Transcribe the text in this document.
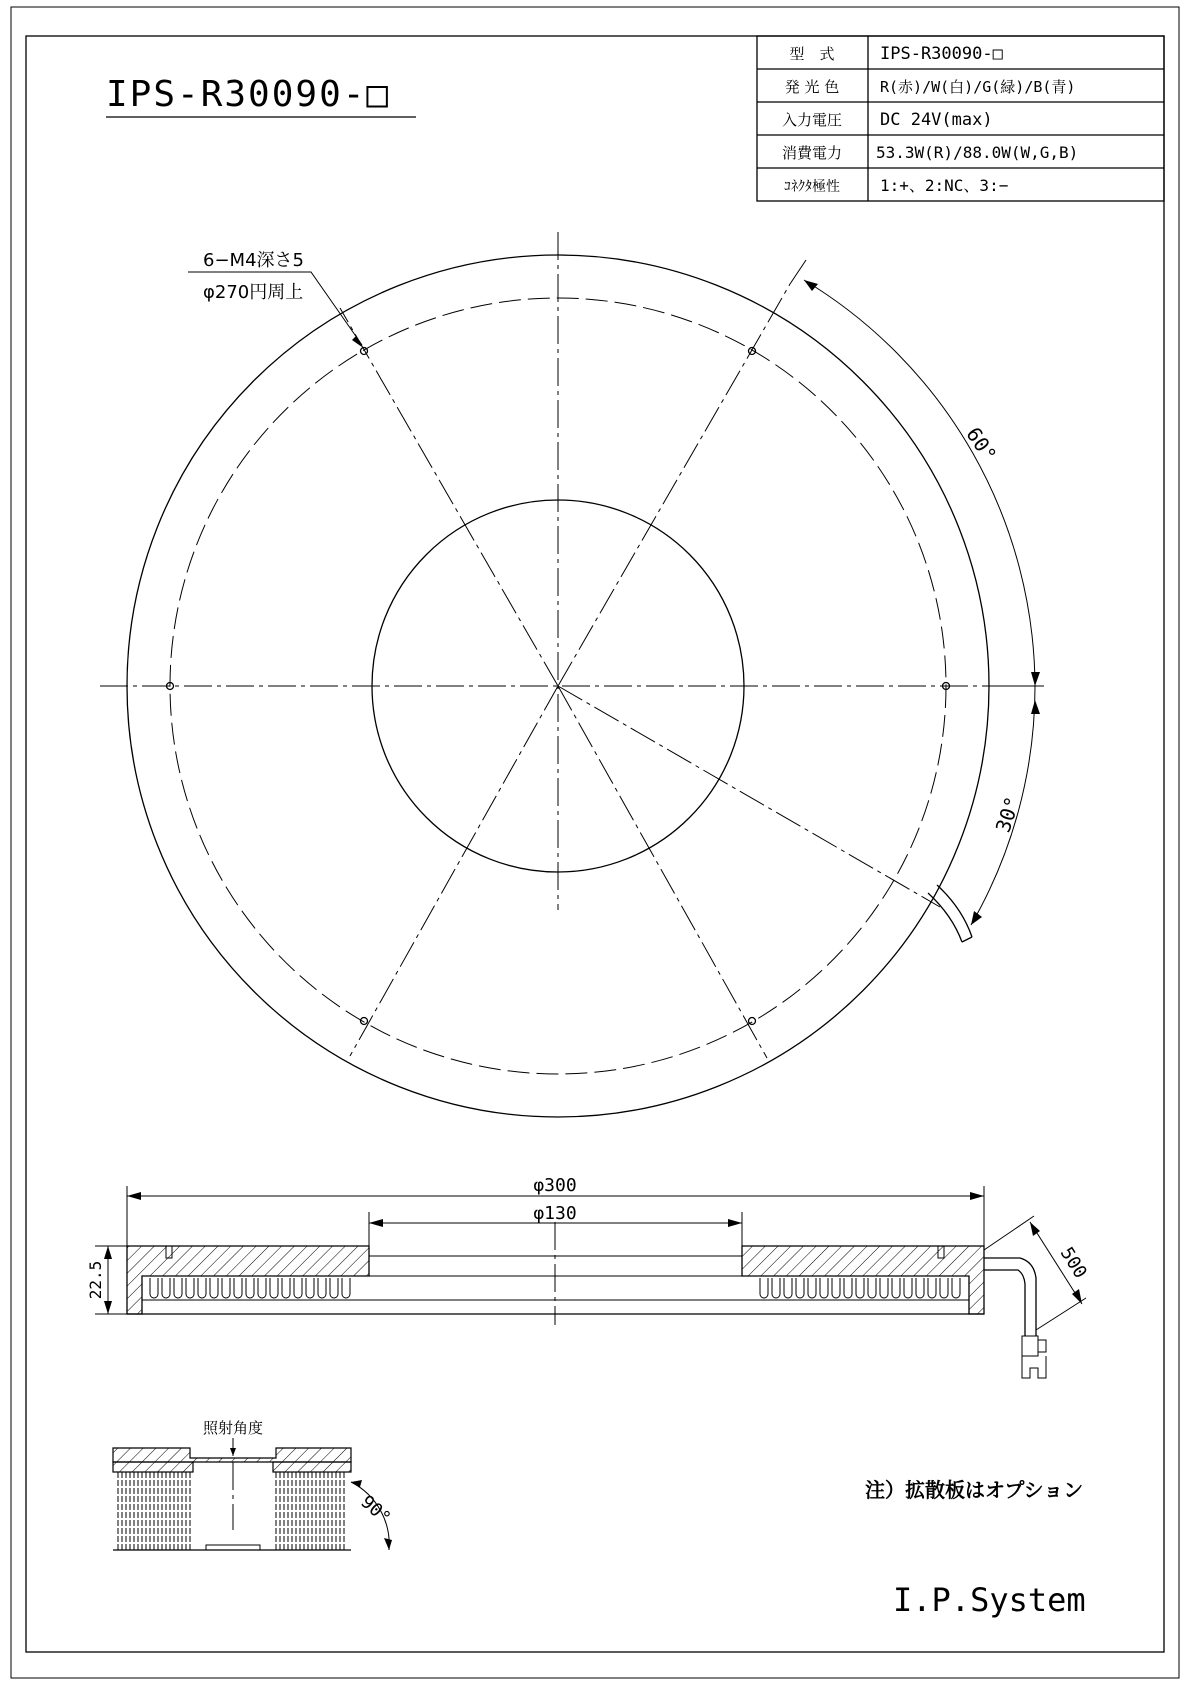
IPS-R30090-□
型　式
発 光 色
入力電圧
消費電力
ｺﾈｸﾀ極性
IPS-R30090-□
R(赤)/W(白)/G(緑)/B(青)
DC 24V(max)
53.3W(R)/88.0W(W,G,B)
1:+、2:NC、3:−
6−M4深さ5
φ270円周上
60°
30°
φ300
φ130
22.5	500
照射角度
90°
注）拡散板はオプション
I.P.System
